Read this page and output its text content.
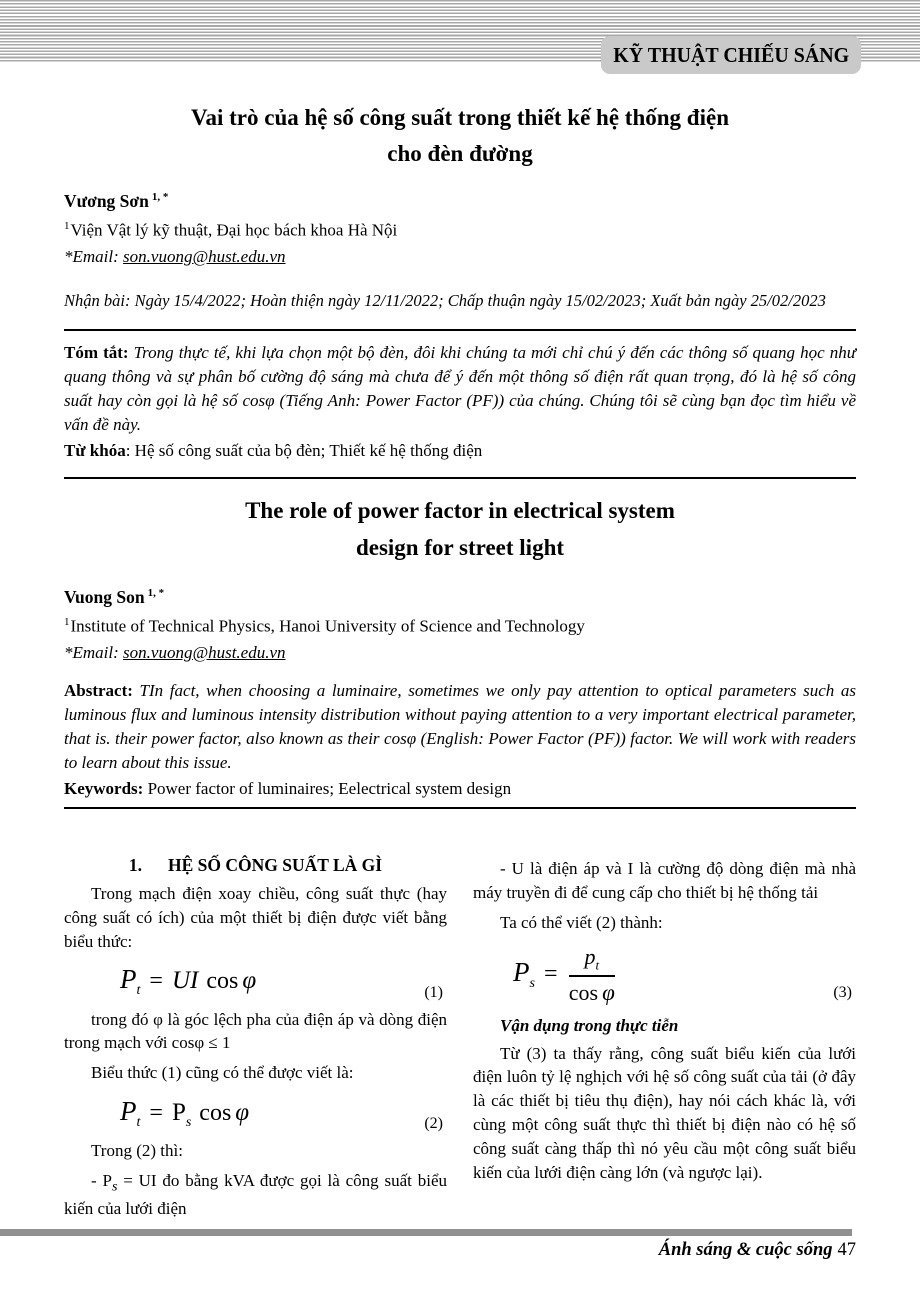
KỸ THUẬT CHIẾU SÁNG
Vai trò của hệ số công suất trong thiết kế hệ thống điện
cho đèn đường

Vương Sơn $^{1, *}$

$^1$Viện Vật lý kỹ thuật, Đại học bách khoa Hà Nội

*Email: son.vuong@hust.edu.vn

Nhận bài: Ngày 15/4/2022; Hoàn thiện ngày 12/11/2022; Chấp thuận ngày 15/02/2023; Xuất bản ngày 25/02/2023

Tóm tắt: Trong thực tế, khi lựa chọn một bộ đèn, đôi khi chúng ta mới chỉ chú ý đến các thông số quang học như quang thông và sự phân bố cường độ sáng mà chưa để ý đến một thông số điện rất quan trọng, đó là hệ số công suất hay còn gọi là hệ số cosφ (Tiếng Anh: Power Factor (PF)) của chúng. Chúng tôi sẽ cùng bạn đọc tìm hiểu về vấn đề này.

Từ khóa: Hệ số công suất của bộ đèn; Thiết kế hệ thống điện

The role of power factor in electrical system
design for street light

Vuong Son $^{1, *}$

$^1$Institute of Technical Physics, Hanoi University of Science and Technology

*Email: son.vuong@hust.edu.vn

Abstract: TIn fact, when choosing a luminaire, sometimes we only pay attention to optical parameters such as luminous flux and luminous intensity distribution without paying attention to a very important electrical parameter, that is. their power factor, also known as their cosφ (English: Power Factor (PF)) factor. We will work with readers to learn about this issue.

Keywords: Power factor of luminaires; Eelectrical system design

1. HỆ SỐ CÔNG SUẤT LÀ GÌ

Trong mạch điện xoay chiều, công suất thực (hay công suất có ích) của một thiết bị điện được viết bằng biểu thức:

$P_t$ = UI cos φ	(1)

trong đó φ là góc lệch pha của điện áp và dòng điện trong mạch với cosφ ≤ 1

Biểu thức (1) cũng có thể được viết là:

$P_t = P_s$ cos φ	(2)

Trong (2) thì:

- $P_s$ = UI đo bằng kVA được gọi là công suất biểu kiến của lưới điện

- U là điện áp và I là cường độ dòng điện mà nhà máy truyền đi để cung cấp cho thiết bị hệ thống tải

Ta có thể viết (2) thành:

$P_s = \frac{p_t}{\text{cos φ}}$	(3)

Vận dụng trong thực tiễn

Từ (3) ta thấy rằng, công suất biểu kiến của lưới điện luôn tỷ lệ nghịch với hệ số công suất của tải (ở đây là các thiết bị tiêu thụ điện), hay nói cách khác là, với cùng một công suất thực thì thiết bị điện nào có hệ số công suất càng thấp thì nó yêu cầu một công suất biểu kiến của lưới điện càng lớn (và ngược lại).

Ánh sáng & cuộc sống 47
